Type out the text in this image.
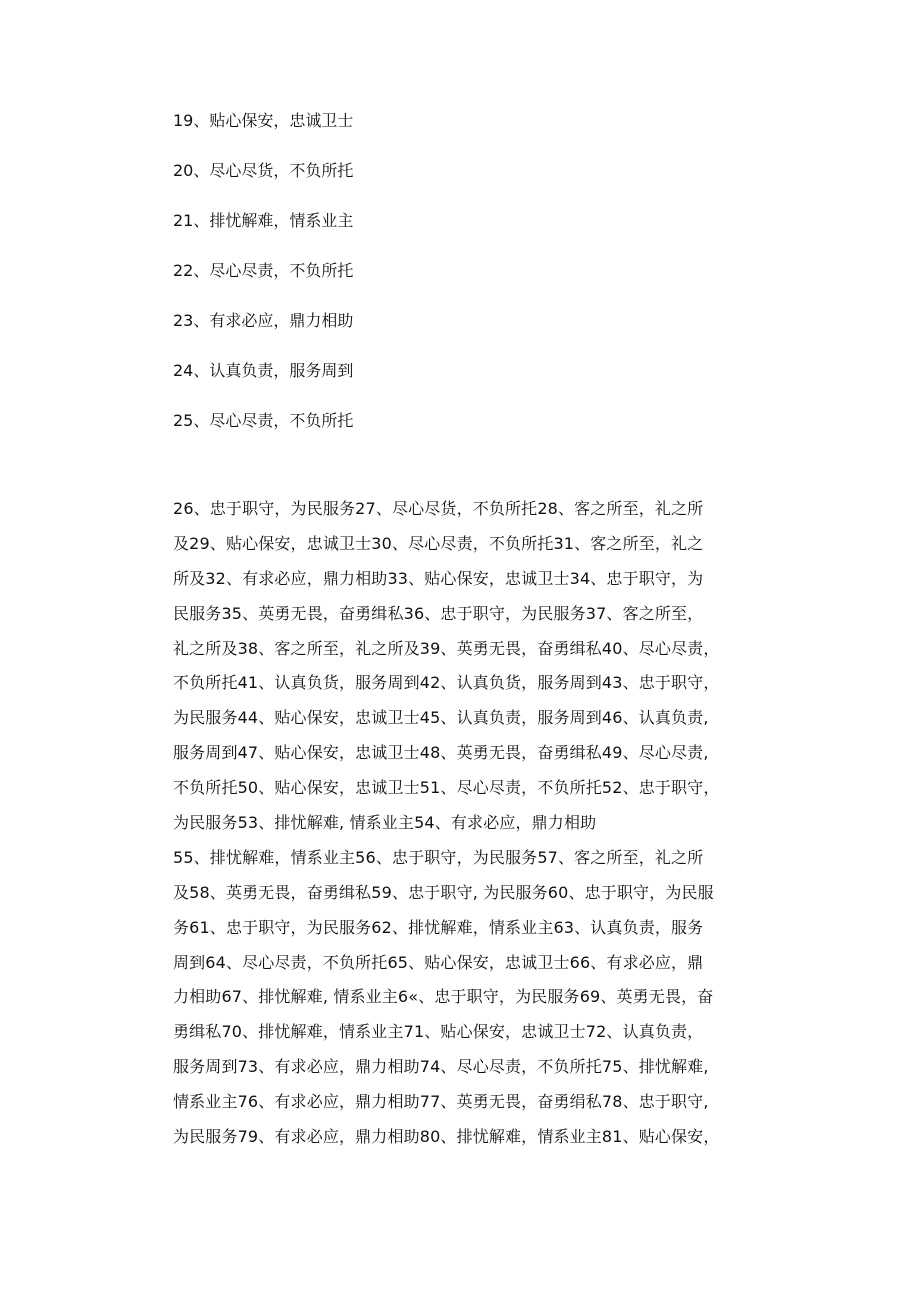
19、贴心保安，忠诚卫士
20、尽心尽货，不负所托
21、排忧解难，情系业主
22、尽心尽责，不负所托
23、有求必应，鼎力相助
24、认真负责，服务周到
25、尽心尽责，不负所托
26、忠于职守，为民服务27、尽心尽货，不负所托28、客之所至，礼之所
及29、贴心保安，忠诚卫士30、尽心尽责，不负所托31、客之所至，礼之
所及32、有求必应，鼎力相助33、贴心保安，忠诚卫士34、忠于职守，为
民服务35、英勇无畏，奋勇缉私36、忠于职守，为民服务37、客之所至，
礼之所及38、客之所至，礼之所及39、英勇无畏，奋勇缉私40、尽心尽责，
不负所托41、认真负货，服务周到42、认真负货，服务周到43、忠于职守，
为民服务44、贴心保安，忠诚卫士45、认真负责，服务周到46、认真负责,
服务周到47、贴心保安，忠诚卫士48、英勇无畏，奋勇缉私49、尽心尽责,
不负所托50、贴心保安，忠诚卫士51、尽心尽责，不负所托52、忠于职守，
为民服务53、排忧解难, 情系业主54、有求必应，鼎力相助
55、排忧解难，情系业主56、忠于职守，为民服务57、客之所至，礼之所
及58、英勇无畏，奋勇缉私59、忠于职守, 为民服务60、忠于职守，为民服
务61、忠于职守，为民服务62、排忧解难，情系业主63、认真负责，服务
周到64、尽心尽责，不负所托65、贴心保安，忠诚卫士66、有求必应，鼎
力相助67、排忧解难, 情系业主6«、忠于职守，为民服务69、英勇无畏，奋
勇缉私70、排忧解难，情系业主71、贴心保安，忠诚卫士72、认真负责，
服务周到73、有求必应，鼎力相助74、尽心尽责，不负所托75、排忧解难,
情系业主76、有求必应，鼎力相助77、英勇无畏，奋勇绢私78、忠于职守,
为民服务79、有求必应，鼎力相助80、排忧解难，情系业主81、贴心保安，
